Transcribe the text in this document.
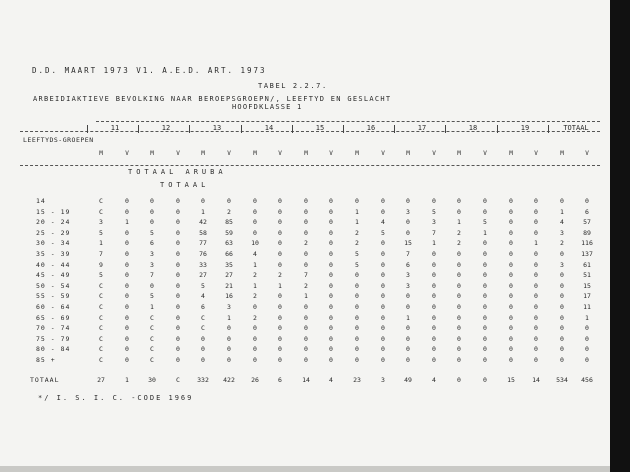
D.D. MAART 1973 V1. A.E.D. ART. 1973
TABEL 2.2.7.
ARBEIDIAKTIEVE BEVOLKING NAAR BEROEPSGROEPN/, LEEFTYD EN GESLACHT
HOOFDKLASSE 1
LEEFTYDS-GROEPEN
11	12	13	14	15	16	17	18	19	TOTAAL
M	V	M	V	M	V	M	V	M	V	M	V	M	V	M	V	M	V	M	V
TOTAAL ARUBA
TOTAAL
14	C	0	0	0	0	0	0	0	0	0	0	0	0	0	0	0	0	0	0	0
15 - 19	C	0	0	0	1	2	0	0	0	0	1	0	3	5	0	0	0	0	1	6
20 - 24	3	1	0	0	42	85	0	0	0	0	1	4	0	3	1	5	0	0	4	57
25 - 29	5	0	5	0	58	59	0	0	0	0	2	5	0	7	2	1	0	0	3	89
30 - 34	1	0	6	0	77	63	10	0	2	0	2	0	15	1	2	0	0	1	2	116
35 - 39	7	0	3	0	76	66	4	0	0	0	5	0	7	0	0	0	0	0	0	137
40 - 44	9	0	3	0	33	35	1	0	0	0	5	0	6	0	0	0	0	0	3	61
45 - 49	5	0	7	0	27	27	2	2	7	0	0	0	3	0	0	0	0	0	0	51
50 - 54	C	0	0	0	5	21	1	1	2	0	0	0	3	0	0	0	0	0	0	15
55 - 59	C	0	5	0	4	16	2	0	1	0	0	0	0	0	0	0	0	0	0	17
60 - 64	C	0	1	0	6	3	0	0	0	0	0	0	0	0	0	0	0	0	0	11
65 - 69	C	0	C	0	C	1	2	0	0	0	0	0	1	0	0	0	0	0	0	1
70 - 74	C	0	C	0	C	0	0	0	0	0	0	0	0	0	0	0	0	0	0	0
75 - 79	C	0	C	0	0	0	0	0	0	0	0	0	0	0	0	0	0	0	0	0
80 - 84	C	0	C	0	0	0	0	0	0	0	0	0	0	0	0	0	0	0	0	0
85 +	C	0	C	0	0	0	0	0	0	0	0	0	0	0	0	0	0	0	0	0
TOTAAL	27	1	30	C	332	422	26	6	14	4	23	3	49	4	0	0	15	14	534	456
*/ I. S. I. C. -CODE 1969
